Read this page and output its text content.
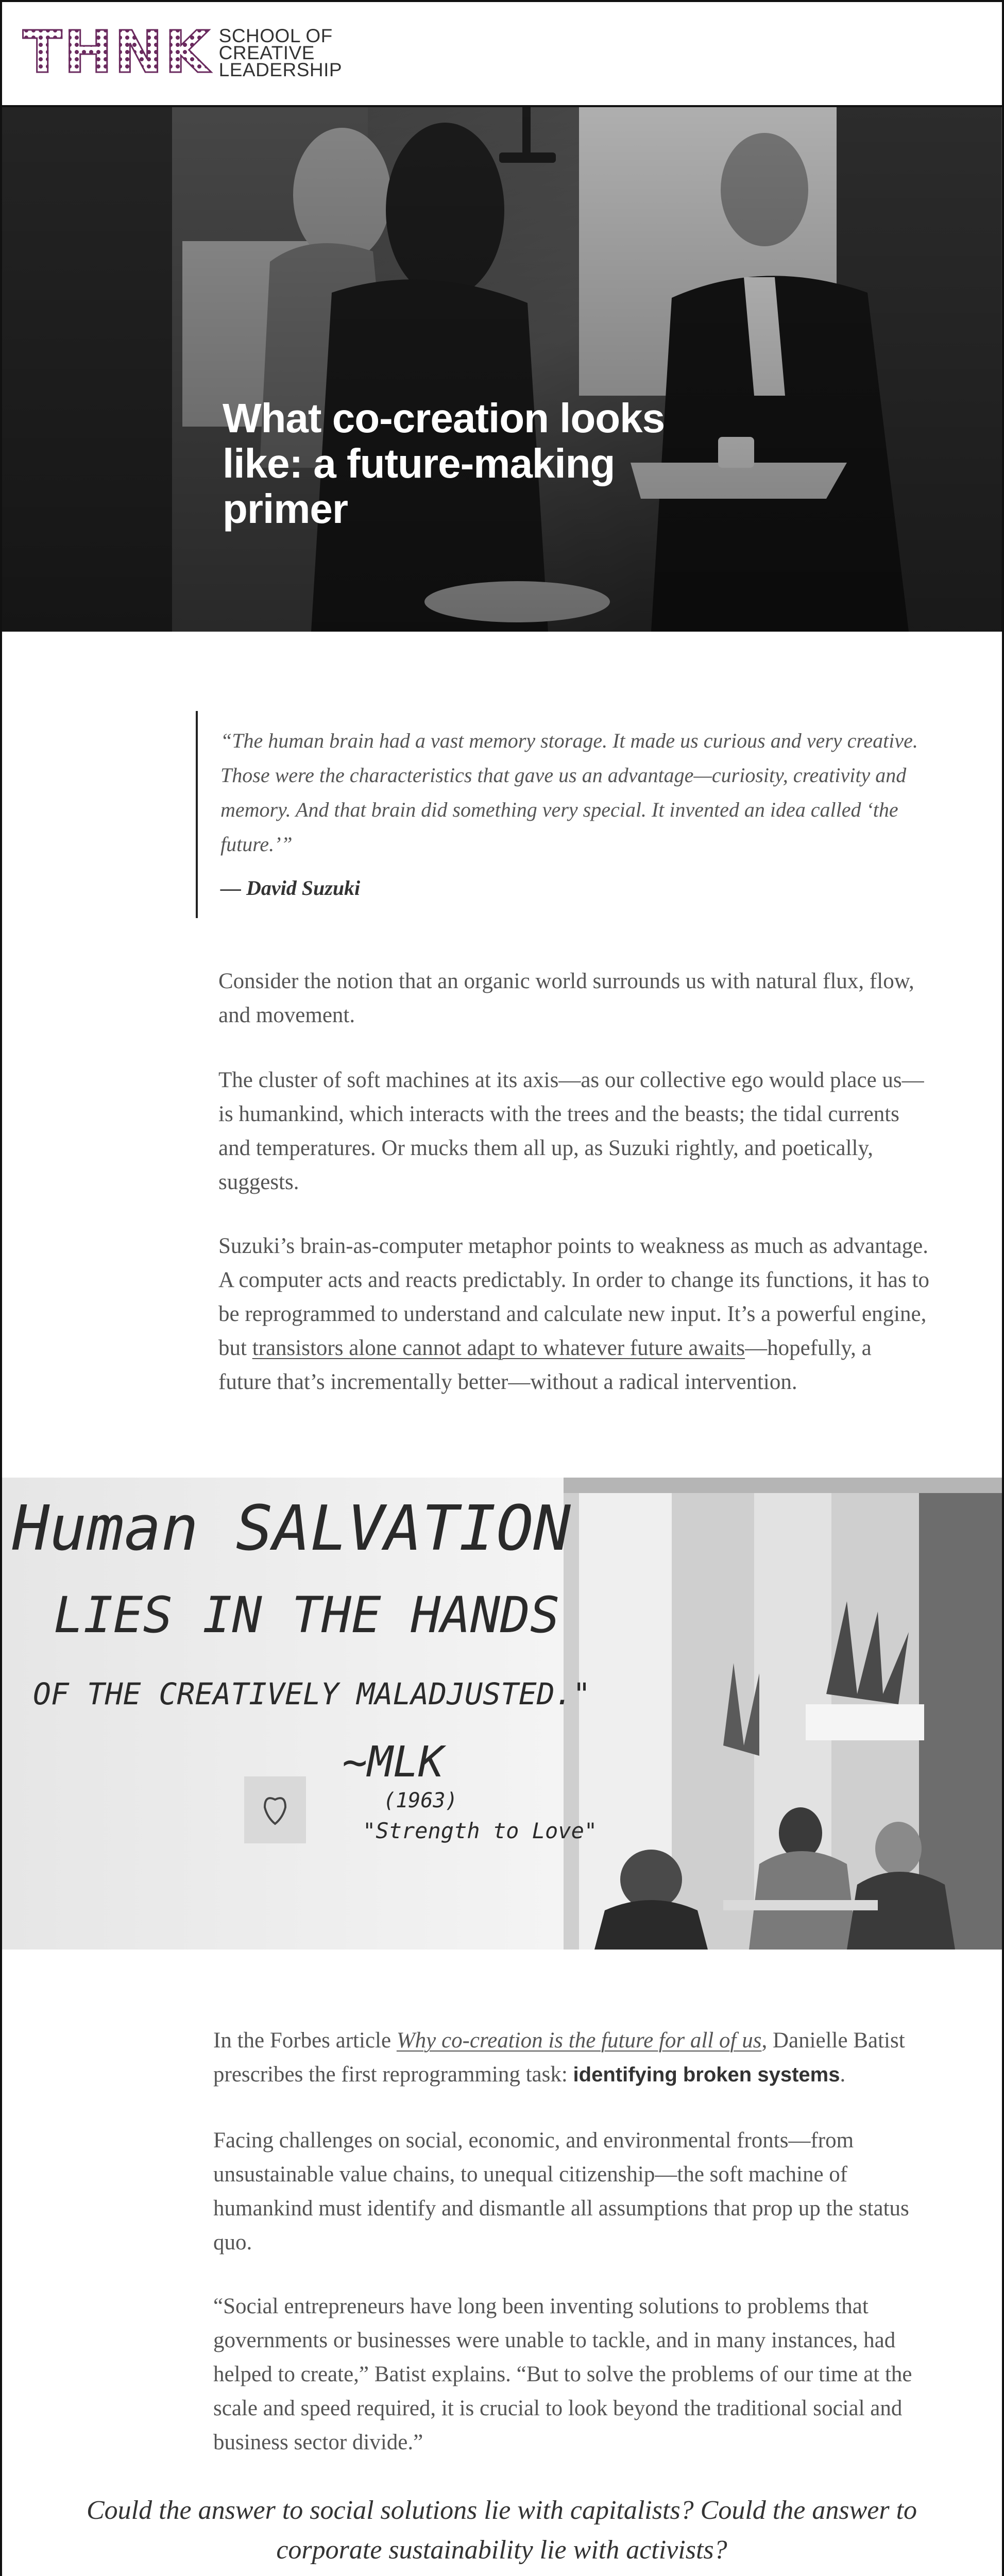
THNK SCHOOL OF
CREATIVE
LEADERSHIP
What co-creation looks
like: a future-making
primer

“The human brain had a vast memory storage. It made us curious and very creative. Those were the characteristics that gave us an advantage—curiosity, creativity and memory. And that brain did something very special. It invented an idea called ‘the future.’”

— David Suzuki

Consider the notion that an organic world surrounds us with natural flux, flow, and movement.

The cluster of soft machines at its axis—as our collective ego would place us—is humankind, which interacts with the trees and the beasts; the tidal currents and temperatures. Or mucks them all up, as Suzuki rightly, and poetically, suggests.

Suzuki’s brain-as-computer metaphor points to weakness as much as advantage. A computer acts and reacts predictably. In order to change its functions, it has to be reprogrammed to understand and calculate new input. It’s a powerful engine, but transistors alone cannot adapt to whatever future awaits—hopefully, a future that’s incrementally better—without a radical intervention.

Human SALVATION
LIES IN THE HANDS
OF THE CREATIVELY MALADJUSTED."
~MLK
(1963)
"Strength to Love"

In the Forbes article Why co-creation is the future for all of us, Danielle Batist prescribes the first reprogramming task: identifying broken systems.

Facing challenges on social, economic, and environmental fronts—from unsustainable value chains, to unequal citizenship—the soft machine of humankind must identify and dismantle all assumptions that prop up the status quo.

“Social entrepreneurs have long been inventing solutions to problems that governments or businesses were unable to tackle, and in many instances, had helped to create,” Batist explains. “But to solve the problems of our time at the scale and speed required, it is crucial to look beyond the traditional social and business sector divide.”

Could the answer to social solutions lie with capitalists? Could the answer to corporate sustainability lie with activists?
